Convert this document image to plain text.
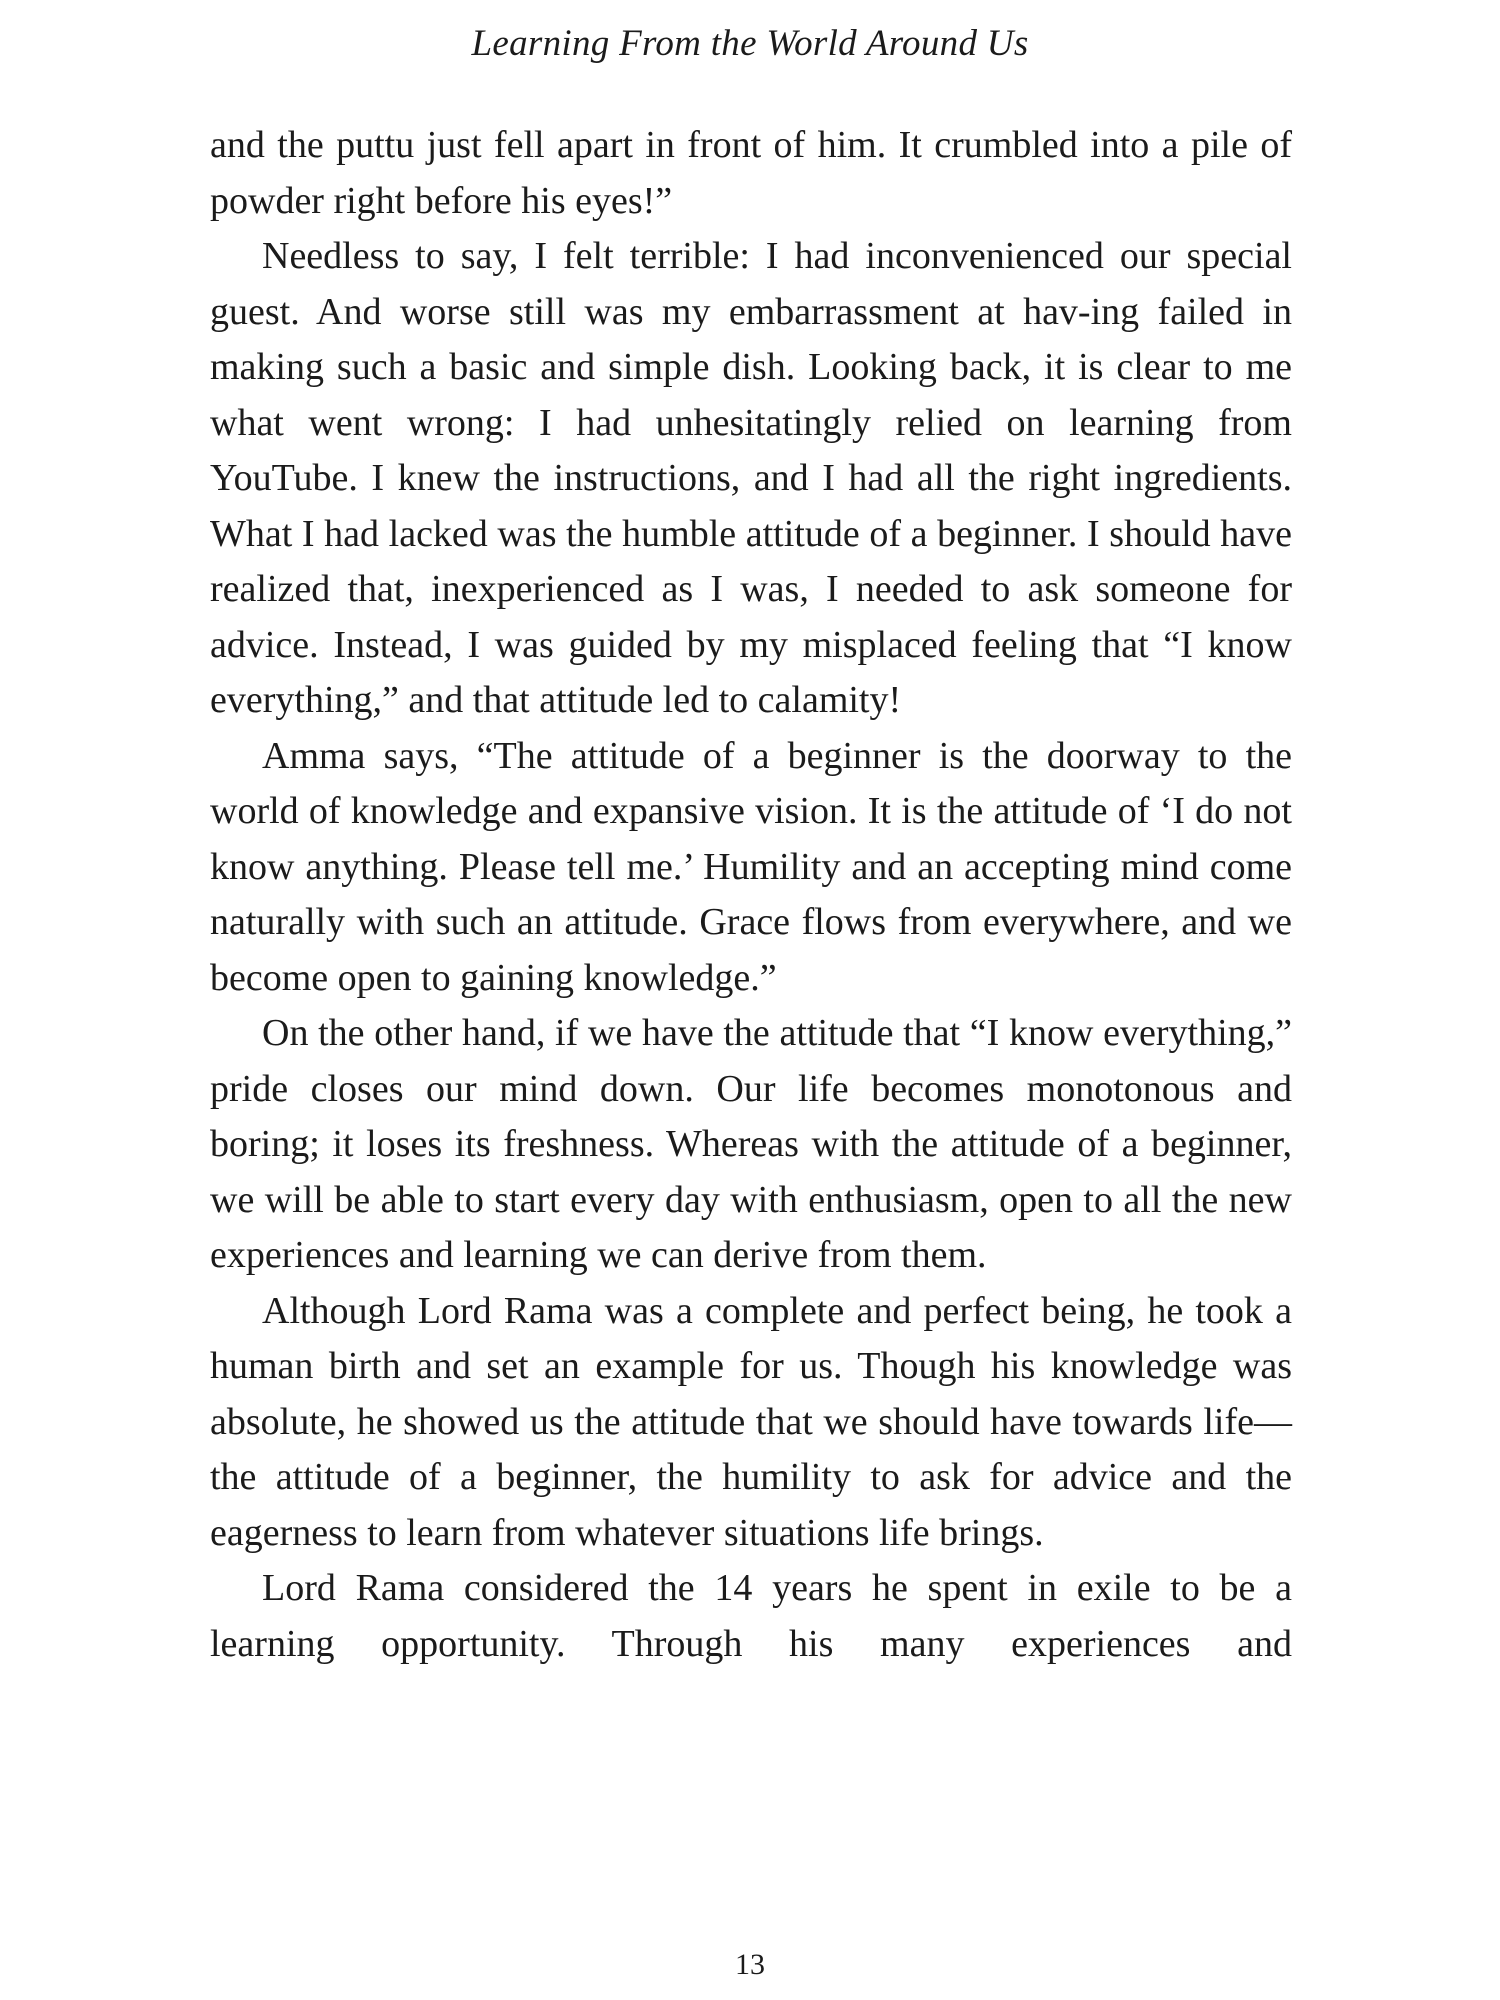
Learning From the World Around Us

and the puttu just fell apart in front of him. It crumbled into a pile of powder right before his eyes!”

Needless to say, I felt terrible: I had inconvenienced our special guest. And worse still was my embarrassment at hav-ing failed in making such a basic and simple dish. Looking back, it is clear to me what went wrong: I had unhesitatingly relied on learning from YouTube. I knew the instructions, and I had all the right ingredients. What I had lacked was the humble attitude of a beginner. I should have realized that, inexperienced as I was, I needed to ask someone for advice. Instead, I was guided by my misplaced feeling that “I know everything,” and that attitude led to calamity!

Amma says, “The attitude of a beginner is the doorway to the world of knowledge and expansive vision. It is the attitude of ‘I do not know anything. Please tell me.’ Humility and an accepting mind come naturally with such an attitude. Grace flows from everywhere, and we become open to gaining knowledge.”

On the other hand, if we have the attitude that “I know everything,” pride closes our mind down. Our life becomes monotonous and boring; it loses its freshness. Whereas with the attitude of a beginner, we will be able to start every day with enthusiasm, open to all the new experiences and learning we can derive from them.

Although Lord Rama was a complete and perfect being, he took a human birth and set an example for us. Though his knowledge was absolute, he showed us the attitude that we should have towards life—the attitude of a beginner, the humility to ask for advice and the eagerness to learn from whatever situations life brings.

Lord Rama considered the 14 years he spent in exile to be a learning opportunity. Through his many experiences and

13
